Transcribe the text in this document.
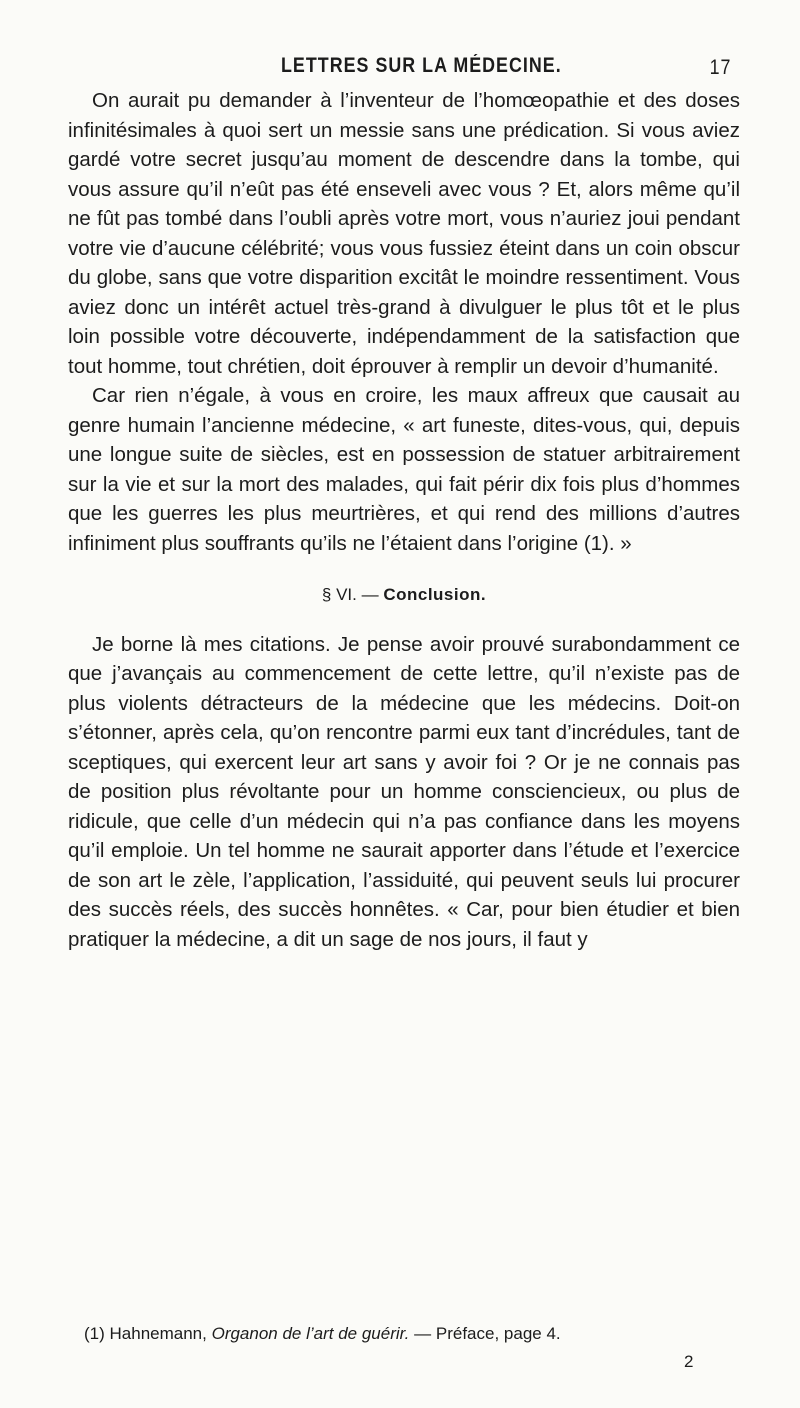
LETTRES SUR LA MÉDECINE.	17

On aurait pu demander à l’inventeur de l’homœopathie et des doses infinitésimales à quoi sert un messie sans une prédication. Si vous aviez gardé votre secret jusqu’au moment de descendre dans la tombe, qui vous assure qu’il n’eût pas été enseveli avec vous ? Et, alors même qu’il ne fût pas tombé dans l’oubli après votre mort, vous n’auriez joui pendant votre vie d’aucune célébrité; vous vous fussiez éteint dans un coin obscur du globe, sans que votre disparition excitât le moindre ressentiment. Vous aviez donc un intérêt actuel très-grand à divulguer le plus tôt et le plus loin possible votre découverte, indépendamment de la satisfaction que tout homme, tout chrétien, doit éprouver à remplir un devoir d’humanité.

Car rien n’égale, à vous en croire, les maux affreux que causait au genre humain l’ancienne médecine, « art funeste, dites-vous, qui, depuis une longue suite de siècles, est en possession de statuer arbitrairement sur la vie et sur la mort des malades, qui fait périr dix fois plus d’hommes que les guerres les plus meurtrières, et qui rend des millions d’autres infiniment plus souffrants qu’ils ne l’étaient dans l’origine (1). »

§ VI. — Conclusion.

Je borne là mes citations. Je pense avoir prouvé surabondamment ce que j’avançais au commencement de cette lettre, qu’il n’existe pas de plus violents détracteurs de la médecine que les médecins. Doit-on s’étonner, après cela, qu’on rencontre parmi eux tant d’incrédules, tant de sceptiques, qui exercent leur art sans y avoir foi ? Or je ne connais pas de position plus révoltante pour un homme consciencieux, ou plus de ridicule, que celle d’un médecin qui n’a pas confiance dans les moyens qu’il emploie. Un tel homme ne saurait apporter dans l’étude et l’exercice de son art le zèle, l’application, l’assiduité, qui peuvent seuls lui procurer des succès réels, des succès honnêtes. « Car, pour bien étudier et bien pratiquer la médecine, a dit un sage de nos jours, il faut y

(1) Hahnemann, Organon de l’art de guérir. — Préface, page 4.
2
